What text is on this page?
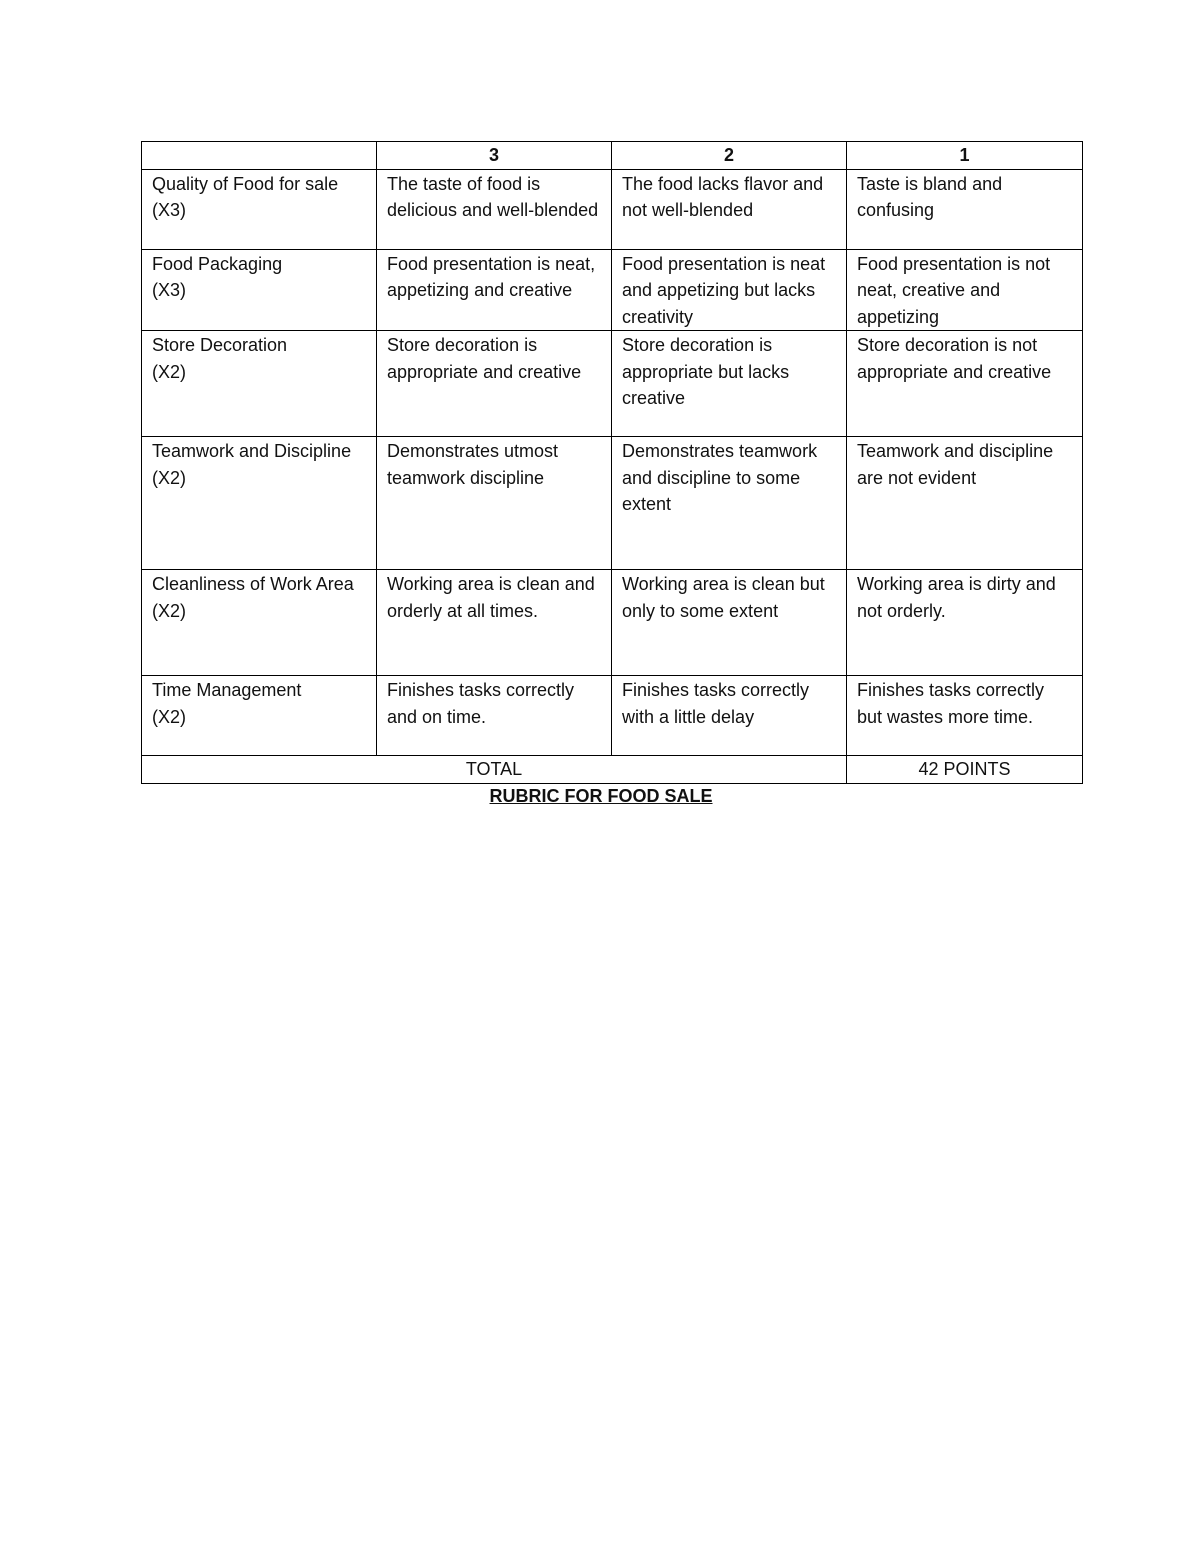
	3	2	1
Quality of Food for sale
(X3)	The taste of food is delicious and well-blended	The food lacks flavor and not well-blended	Taste is bland and confusing
Food Packaging
(X3)	Food presentation is neat, appetizing and creative	Food presentation is neat and appetizing but lacks creativity	Food presentation is not neat, creative and appetizing
Store Decoration
(X2)	Store decoration is appropriate and creative	Store decoration is appropriate but lacks creative	Store decoration is not appropriate and creative
Teamwork and Discipline
(X2)	Demonstrates utmost teamwork discipline	Demonstrates teamwork and discipline to some extent	Teamwork and discipline are not evident
Cleanliness of Work Area
(X2)	Working area is clean and orderly at all times.	Working area is clean but only to some extent	Working area is dirty and not orderly.
Time Management
(X2)	Finishes tasks correctly and on time.	Finishes tasks correctly with a little delay	Finishes tasks correctly but wastes more time.
TOTAL			42 POINTS
RUBRIC FOR FOOD SALE
